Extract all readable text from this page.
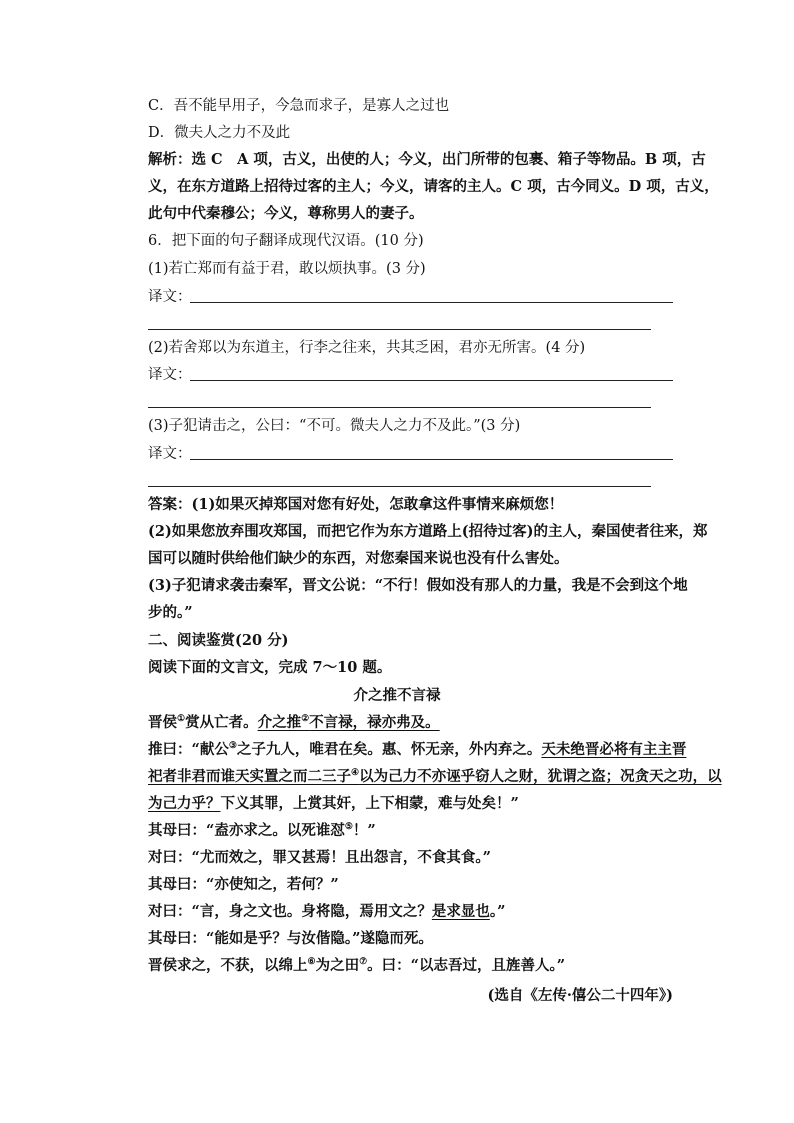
C．吾不能早用子，今急而求子，是寡人之过也
D．微夫人之力不及此
解析：选 C　A 项，古义，出使的人；今义，出门所带的包裹、箱子等物品。B 项，古
义，在东方道路上招待过客的主人；今义，请客的主人。C 项，古今同义。D 项，古义，
此句中代秦穆公；今义，尊称男人的妻子。
6．把下面的句子翻译成现代汉语。(10 分)
(1)若亡郑而有益于君，敢以烦执事。(3 分)
译文：
(2)若舍郑以为东道主，行李之往来，共其乏困，君亦无所害。(4 分)
译文：
(3)子犯请击之，公曰：“不可。微夫人之力不及此。”(3 分)
译文：
答案：(1)如果灭掉郑国对您有好处，怎敢拿这件事情来麻烦您！
(2)如果您放弃围攻郑国，而把它作为东方道路上(招待过客)的主人，秦国使者往来，郑
国可以随时供给他们缺少的东西，对您秦国来说也没有什么害处。
(3)子犯请求袭击秦军，晋文公说：“不行！假如没有那人的力量，我是不会到这个地
步的。”
二、阅读鉴赏(20 分)
阅读下面的文言文，完成 7～10 题。
介之推不言禄
晋侯①赏从亡者。介之推②不言禄，禄亦弗及。
推曰：“献公③之子九人，唯君在矣。惠、怀无亲，外内弃之。天未绝晋必将有主主晋
祀者非君而谁天实置之而二三子④以为己力不亦诬乎窃人之财，犹谓之盗；况贪天之功，以
为己力乎？下义其罪，上赏其奸，上下相蒙，难与处矣！”
其母曰：“盍亦求之。以死谁怼⑤！”
对曰：“尤而效之，罪又甚焉！且出怨言，不食其食。”
其母曰：“亦使知之，若何？”
对曰：“言，身之文也。身将隐，焉用文之？是求显也。”
其母曰：“能如是乎？与汝偕隐。”遂隐而死。
晋侯求之，不获，以绵上⑥为之田⑦。曰：“以志吾过，且旌善人。”
(选自《左传·僖公二十四年》)
